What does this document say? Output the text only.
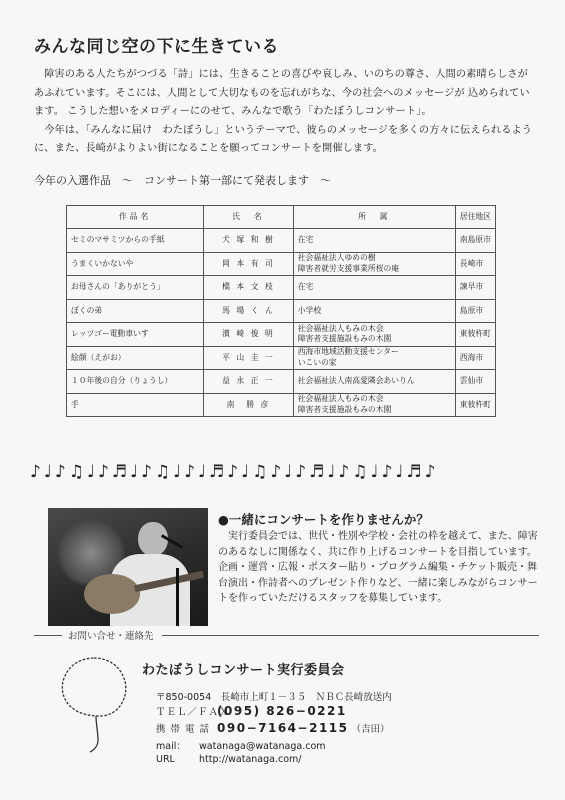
みんな同じ空の下に生きている

障害のある人たちがつづる「詩」には、生きることの喜びや哀しみ、いのちの尊さ、人間の素晴らしさがあふれています。そこには、人間として大切なものを忘れがちな、今の社会へのメッセージが 込められています。 こうした想いをメロディーにのせて、みんなで歌う「わたぼうしコンサート」。

今年は、「みんなに届け　わたぼうし」というテーマで、彼らのメッセージを多くの方々に伝えられるように、また、長崎がよりよい街になることを願ってコンサートを開催します。

今年の入選作品　～　コンサート第一部にて発表します　～
作品名	氏　名	所　属	居住地区
セミのマサミツからの手紙	犬 塚 和 樹	在宅	南島原市
うまくいかないや	岡 本 有 司	社会福祉法人ゆめの樹
障害者就労支援事業所桜の庵	長崎市
お母さんの「ありがとう」	橋 本 文 枝	在宅	諫早市
ぼくの弟	馬 場 く ん	小学校	島原市
レッツゴー電動車いす	濱 崎 俊 明	社会福祉法人もみの木会
障害者支援施設もみの木園	東彼杵町
絵顔（えがお）	平 山 圭 一	西海市地域活動支援センター
いこいの家	西海市
１０年後の自分（りょうし）	益 永 正 一	社会福祉法人南高愛隣会あいりん	雲仙市
手	南　勝 彦	社会福祉法人もみの木会
障害者支援施設もみの木園	東彼杵町
♪♩♪♫♩♪♬♩♪♫♩♪♩♬♪♩♫♪♩♪♬♩♪♫♩♪♩♬♪
●一緒にコンサートを作りませんか？

実行委員会では、世代・性別や学校・会社の枠を越えて、また、障害のあるなしに関係なく、共に作り上げるコンサートを目指しています。企画・運営・広報・ポスター貼り・プログラム編集・チケット販売・舞台演出・作詩者へのプレゼント作りなど、一緒に楽しみながらコンサートを作っていただけるスタッフを募集しています。

お問い合せ・連絡先
わたぼうしコンサート実行委員会
〒850-0054　長崎市上町１－３５　ＮＢＣ長崎放送内
ＴＥＬ／ＦＡＸ (095) 826−0221
携 帯 電 話 090−7164−2115 （吉田）
mail： watanaga@watanaga.com
URL	http://watanaga.com/
